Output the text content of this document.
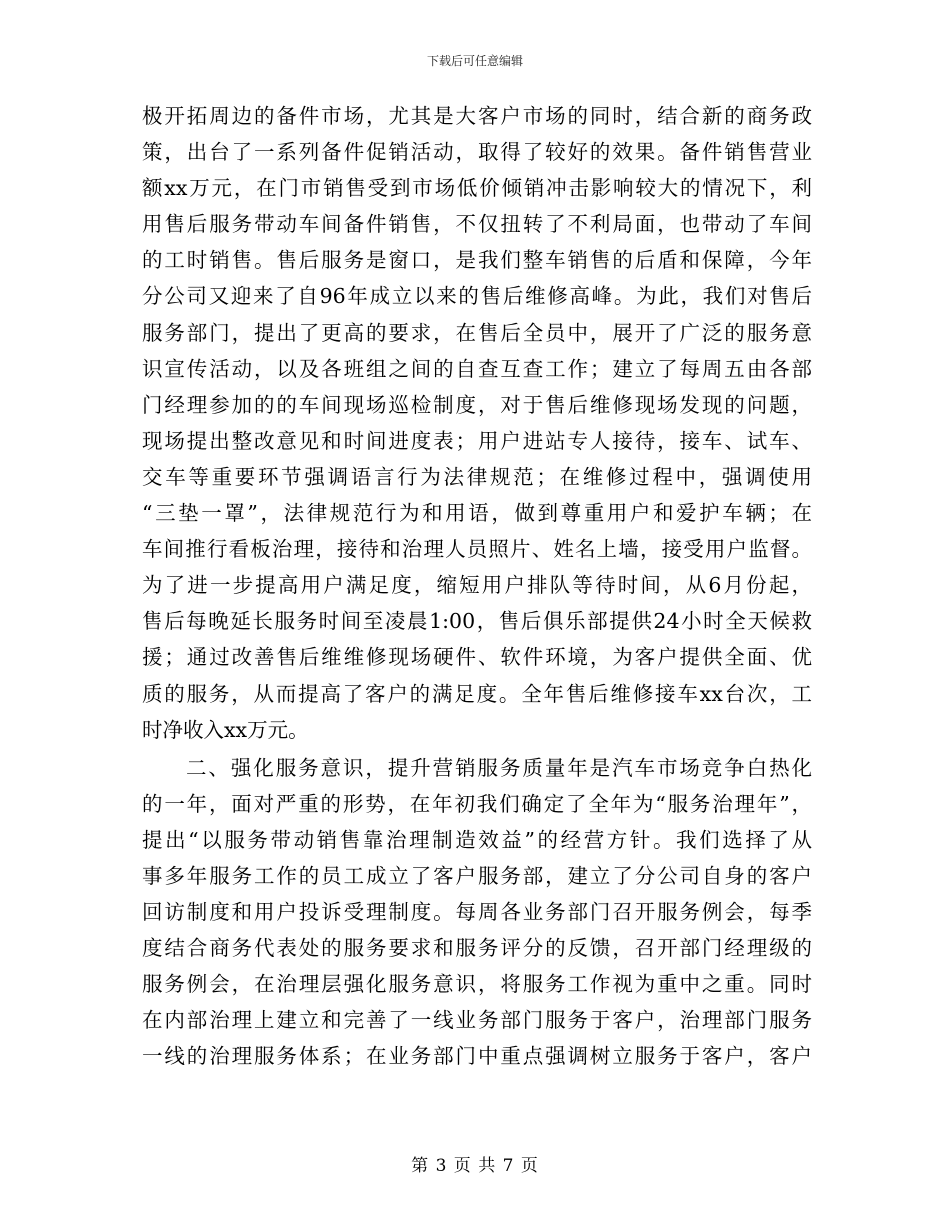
下载后可任意编辑

极开拓周边的备件市场，尤其是大客户市场的同时，结合新的商务政
策，出台了一系列备件促销活动，取得了较好的效果。备件销售营业
额xx万元，在门市销售受到市场低价倾销冲击影响较大的情况下，利
用售后服务带动车间备件销售，不仅扭转了不利局面，也带动了车间
的工时销售。售后服务是窗口，是我们整车销售的后盾和保障，今年
分公司又迎来了自96年成立以来的售后维修高峰。为此，我们对售后
服务部门，提出了更高的要求，在售后全员中，展开了广泛的服务意
识宣传活动，以及各班组之间的自查互查工作；建立了每周五由各部
门经理参加的的车间现场巡检制度，对于售后维修现场发现的问题，
现场提出整改意见和时间进度表；用户进站专人接待，接车、试车、
交车等重要环节强调语言行为法律规范；在维修过程中，强调使用
“三垫一罩”，法律规范行为和用语，做到尊重用户和爱护车辆；在
车间推行看板治理，接待和治理人员照片、姓名上墙，接受用户监督。
为了进一步提高用户满足度，缩短用户排队等待时间，从6月份起，
售后每晚延长服务时间至凌晨1:00，售后俱乐部提供24小时全天候救
援；通过改善售后维维修现场硬件、软件环境，为客户提供全面、优
质的服务，从而提高了客户的满足度。全年售后维修接车xx台次，工
时净收入xx万元。

二、强化服务意识，提升营销服务质量年是汽车市场竞争白热化
的一年，面对严重的形势，在年初我们确定了全年为“服务治理年”，
提出“以服务带动销售靠治理制造效益”的经营方针。我们选择了从
事多年服务工作的员工成立了客户服务部，建立了分公司自身的客户
回访制度和用户投诉受理制度。每周各业务部门召开服务例会，每季
度结合商务代表处的服务要求和服务评分的反馈，召开部门经理级的
服务例会，在治理层强化服务意识，将服务工作视为重中之重。同时
在内部治理上建立和完善了一线业务部门服务于客户，治理部门服务
一线的治理服务体系；在业务部门中重点强调树立服务于客户，客户

第 3 页 共 7 页
